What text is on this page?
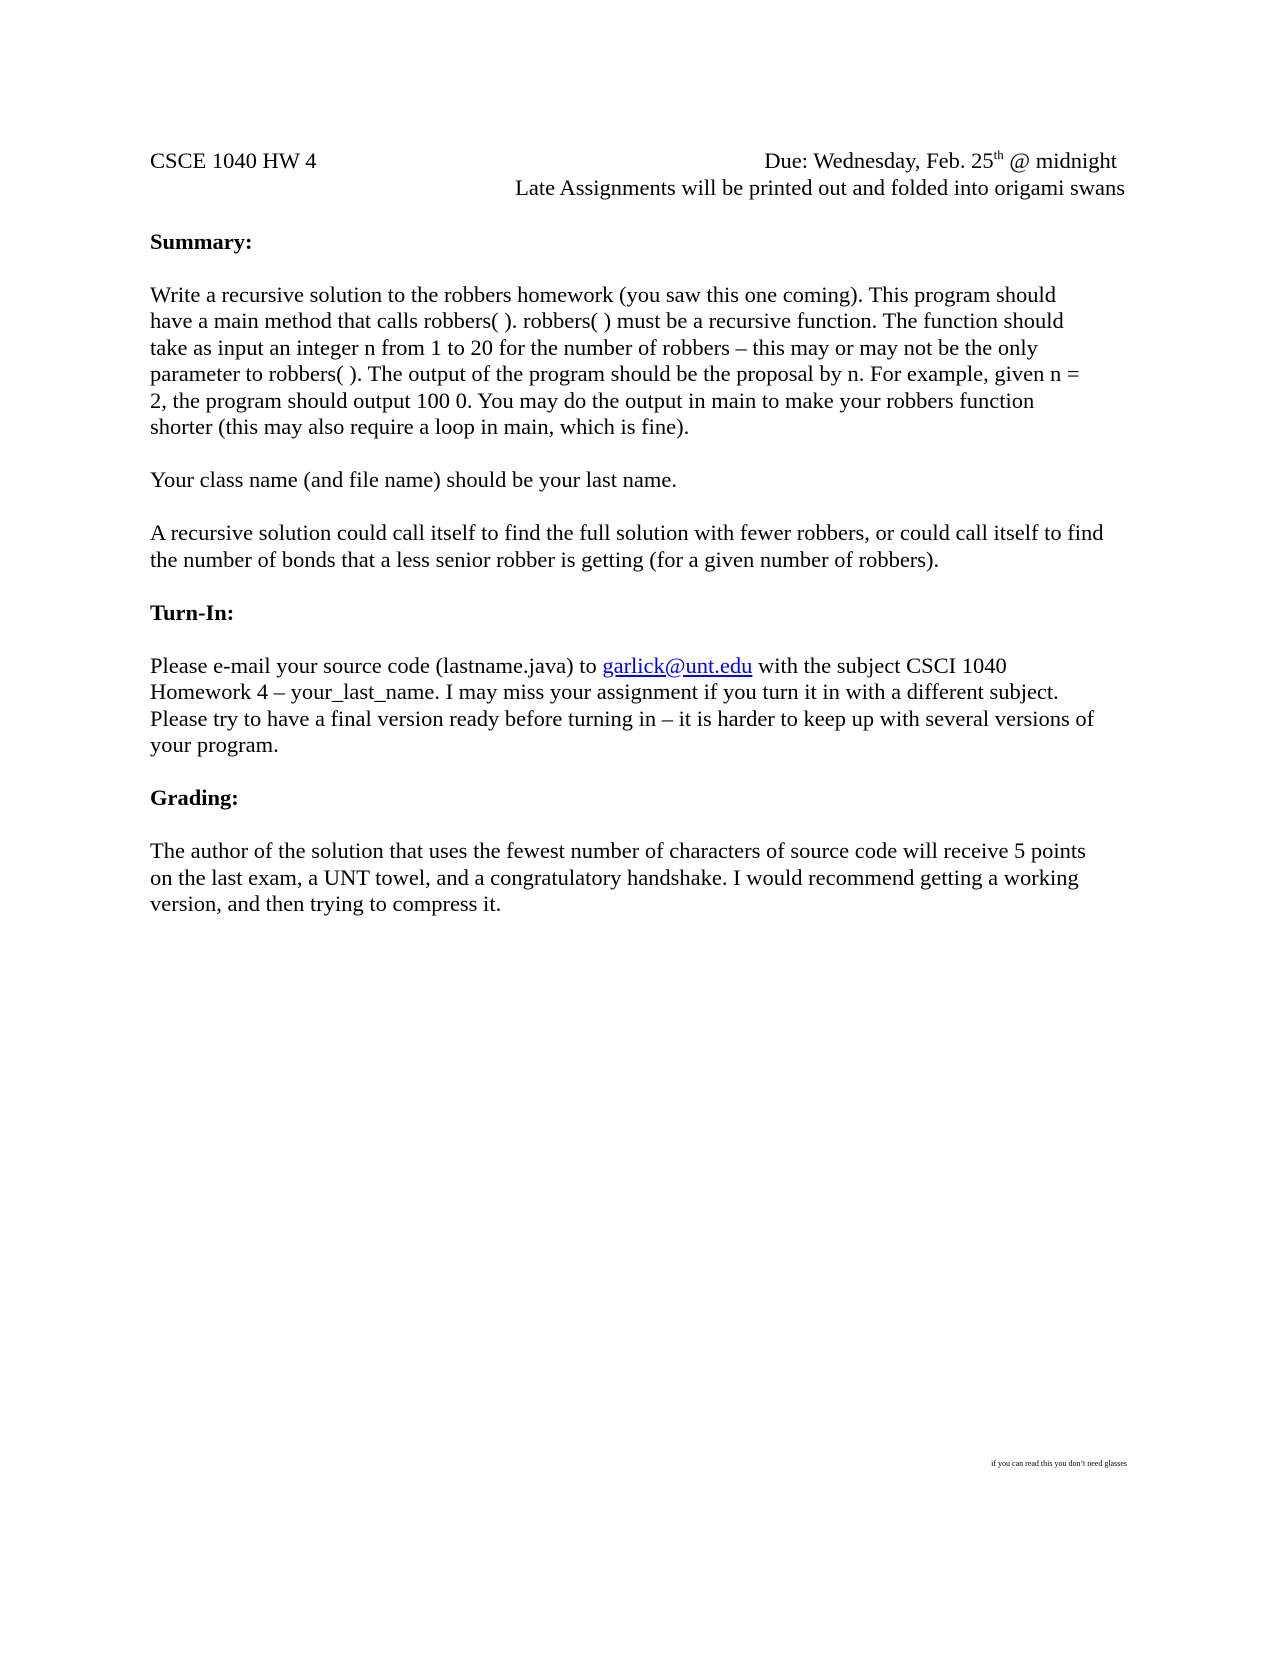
CSCE 1040 HW 4	Due: Wednesday, Feb. 25th @ midnight
Late Assignments will be printed out and folded into origami swans

Summary:

Write a recursive solution to the robbers homework (you saw this one coming). This program should
have a main method that calls robbers( ). robbers( ) must be a recursive function. The function should
take as input an integer n from 1 to 20 for the number of robbers – this may or may not be the only
parameter to robbers( ). The output of the program should be the proposal by n. For example, given n =
2, the program should output 100 0. You may do the output in main to make your robbers function
shorter (this may also require a loop in main, which is fine).

Your class name (and file name) should be your last name.

A recursive solution could call itself to find the full solution with fewer robbers, or could call itself to find
the number of bonds that a less senior robber is getting (for a given number of robbers).

Turn-In:

Please e-mail your source code (lastname.java) to garlick@unt.edu with the subject CSCI 1040
Homework 4 – your_last_name. I may miss your assignment if you turn it in with a different subject.
Please try to have a final version ready before turning in – it is harder to keep up with several versions of
your program.

Grading:

The author of the solution that uses the fewest number of characters of source code will receive 5 points
on the last exam, a UNT towel, and a congratulatory handshake. I would recommend getting a working
version, and then trying to compress it.

if you can read this you don’t need glasses
